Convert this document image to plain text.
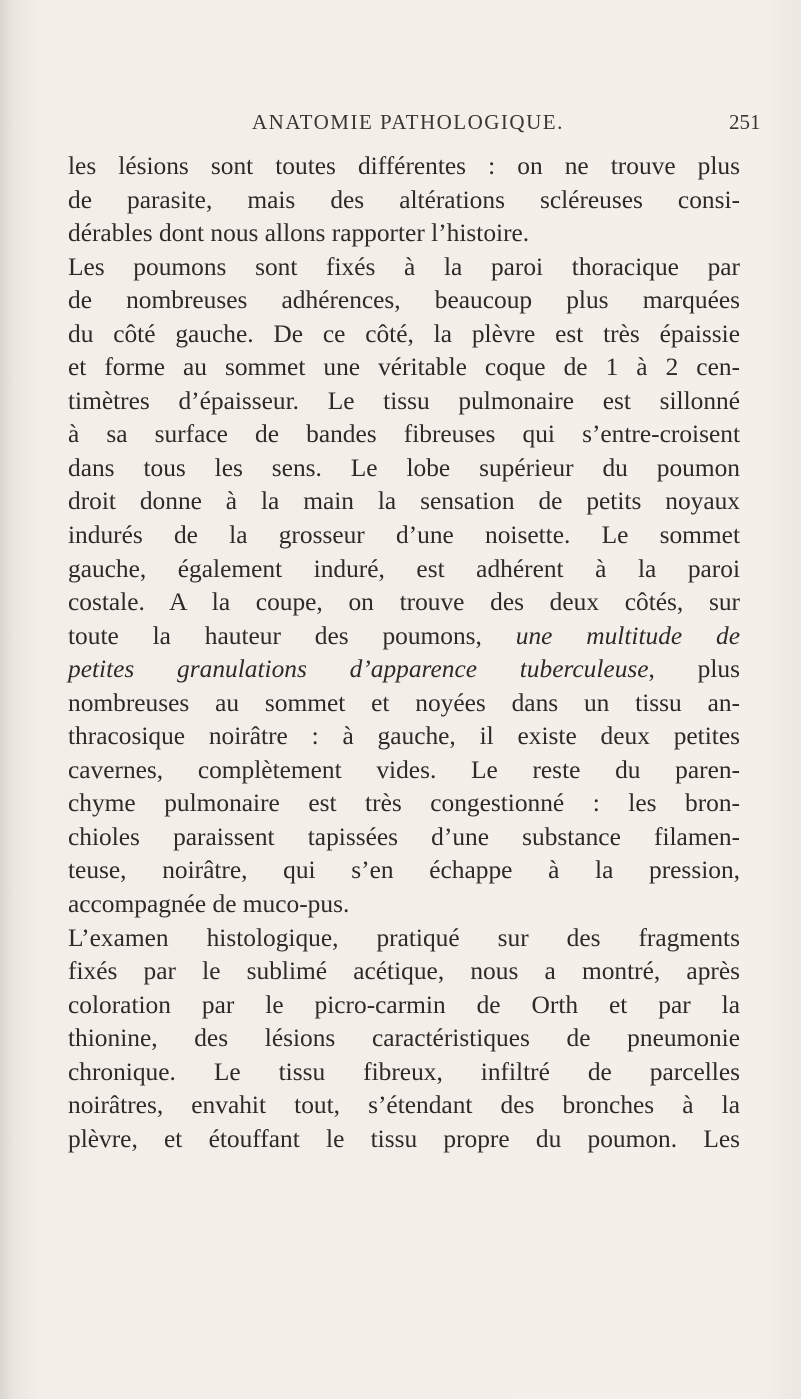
ANATOMIE PATHOLOGIQUE.	251
les lésions sont toutes différentes : on ne trouve plus
de parasite, mais des altérations scléreuses consi-
dérables dont nous allons rapporter l’histoire.
Les poumons sont fixés à la paroi thoracique par
de nombreuses adhérences, beaucoup plus marquées
du côté gauche. De ce côté, la plèvre est très épaissie
et forme au sommet une véritable coque de 1 à 2 cen-
timètres d’épaisseur. Le tissu pulmonaire est sillonné
à sa surface de bandes fibreuses qui s’entre-croisent
dans tous les sens. Le lobe supérieur du poumon
droit donne à la main la sensation de petits noyaux
indurés de la grosseur d’une noisette. Le sommet
gauche, également induré, est adhérent à la paroi
costale. A la coupe, on trouve des deux côtés, sur
toute la hauteur des poumons, une multitude de
petites granulations d’apparence tuberculeuse, plus
nombreuses au sommet et noyées dans un tissu an-
thracosique noirâtre : à gauche, il existe deux petites
cavernes, complètement vides. Le reste du paren-
chyme pulmonaire est très congestionné : les bron-
chioles paraissent tapissées d’une substance filamen-
teuse, noirâtre, qui s’en échappe à la pression,
accompagnée de muco-pus.
L’examen histologique, pratiqué sur des fragments
fixés par le sublimé acétique, nous a montré, après
coloration par le picro-carmin de Orth et par la
thionine, des lésions caractéristiques de pneumonie
chronique. Le tissu fibreux, infiltré de parcelles
noirâtres, envahit tout, s’étendant des bronches à la
plèvre, et étouffant le tissu propre du poumon. Les
